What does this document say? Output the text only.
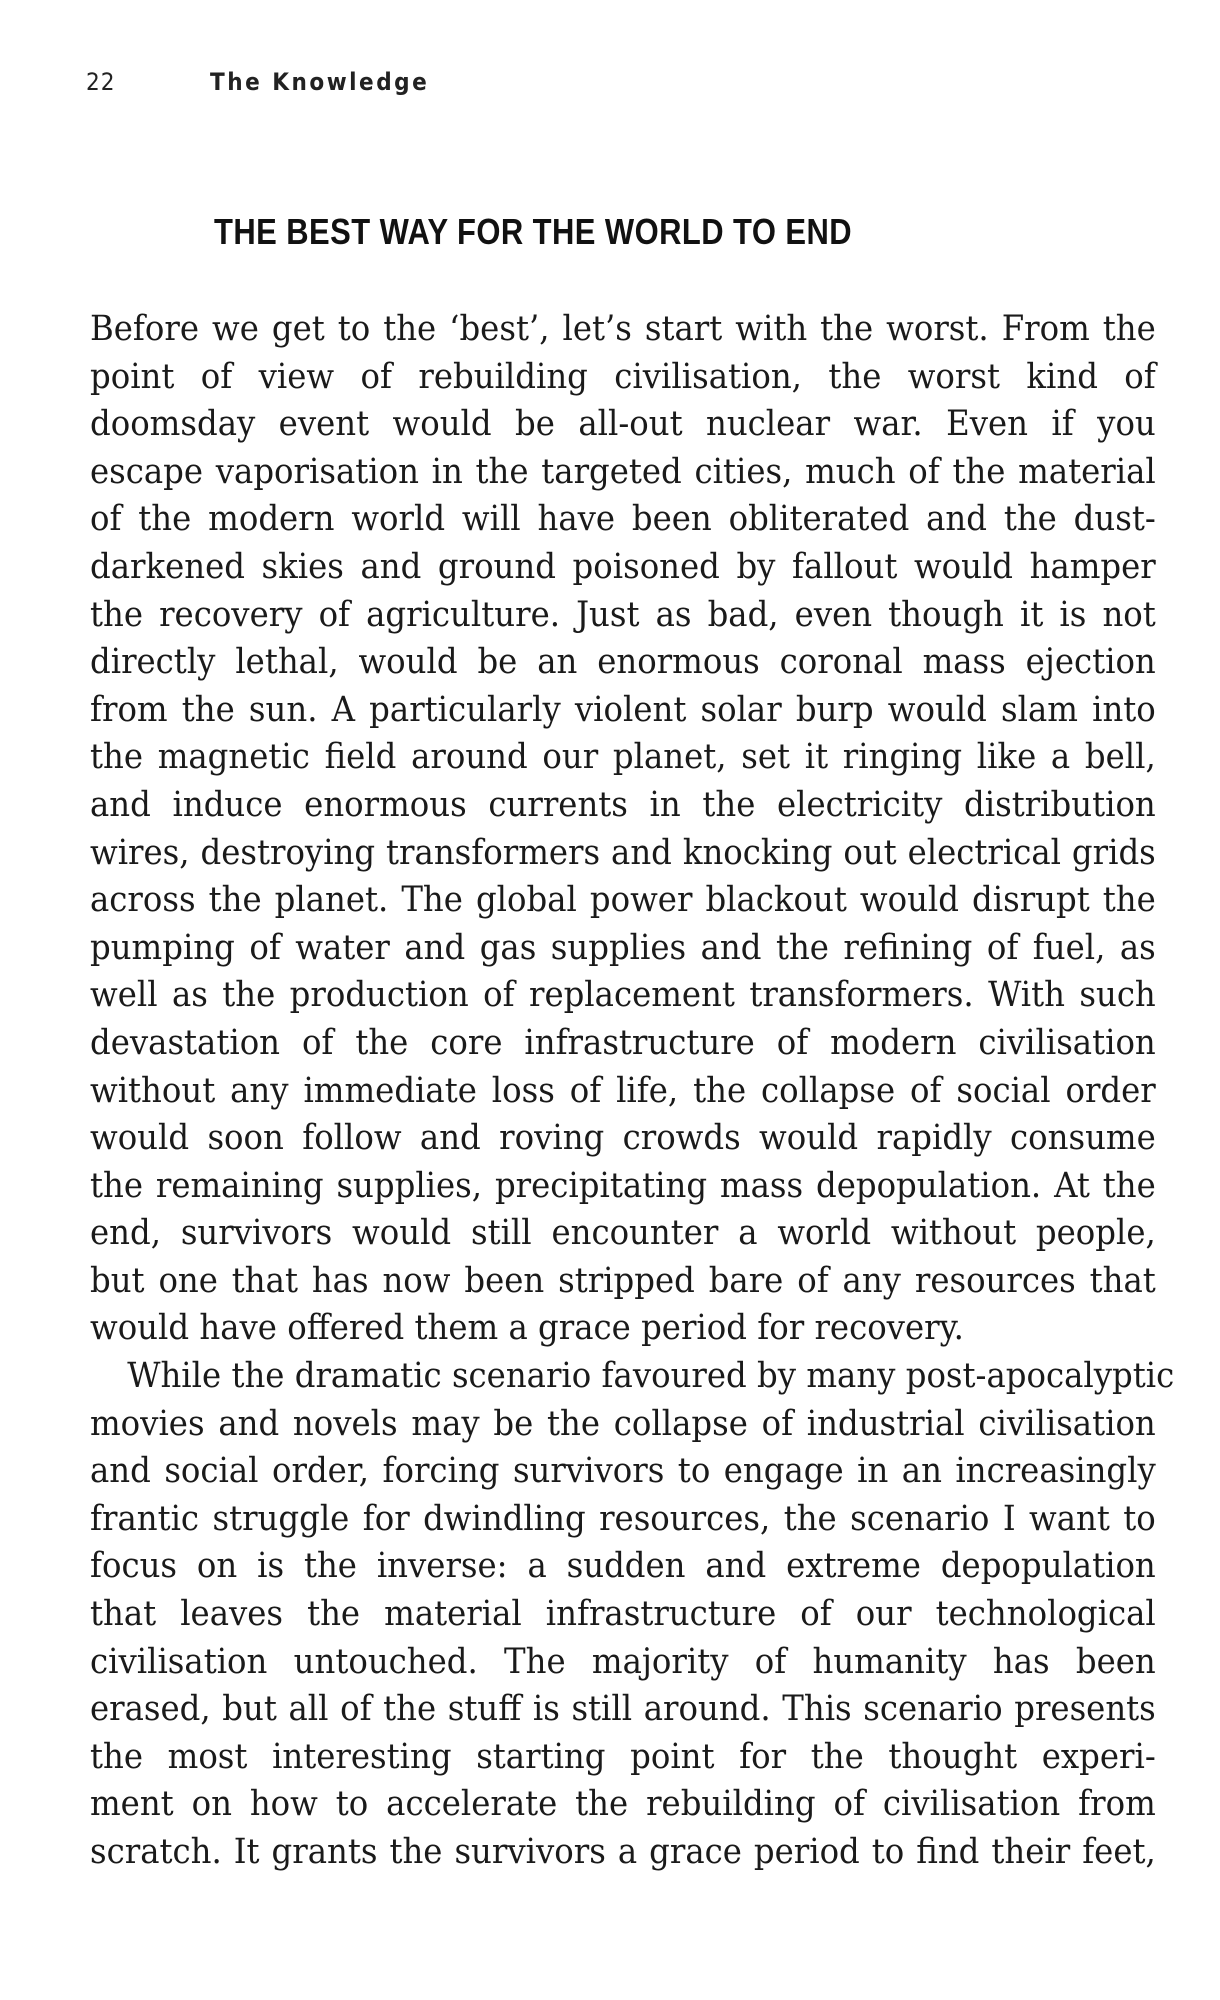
22	The Knowledge
THE BEST WAY FOR THE WORLD TO END
Before we get to the ‘best’, let’s start with the worst. From the
point of view of rebuilding civilisation, the worst kind of
doomsday event would be all-out nuclear war. Even if you
escape vaporisation in the targeted cities, much of the material
of the modern world will have been obliterated and the dust-
darkened skies and ground poisoned by fallout would hamper
the recovery of agriculture. Just as bad, even though it is not
directly lethal, would be an enormous coronal mass ejection
from the sun. A particularly violent solar burp would slam into
the magnetic field around our planet, set it ringing like a bell,
and induce enormous currents in the electricity distribution
wires, destroying transformers and knocking out electrical grids
across the planet. The global power blackout would disrupt the
pumping of water and gas supplies and the refining of fuel, as
well as the production of replacement transformers. With such
devastation of the core infrastructure of modern civilisation
without any immediate loss of life, the collapse of social order
would soon follow and roving crowds would rapidly consume
the remaining supplies, precipitating mass depopulation. At the
end, survivors would still encounter a world without people,
but one that has now been stripped bare of any resources that
would have offered them a grace period for recovery.
While the dramatic scenario favoured by many post-apocalyptic
movies and novels may be the collapse of industrial civilisation
and social order, forcing survivors to engage in an increasingly
frantic struggle for dwindling resources, the scenario I want to
focus on is the inverse: a sudden and extreme depopulation
that leaves the material infrastructure of our technological
civilisation untouched. The majority of humanity has been
erased, but all of the stuff is still around. This scenario presents
the most interesting starting point for the thought experi-
ment on how to accelerate the rebuilding of civilisation from
scratch. It grants the survivors a grace period to find their feet,
